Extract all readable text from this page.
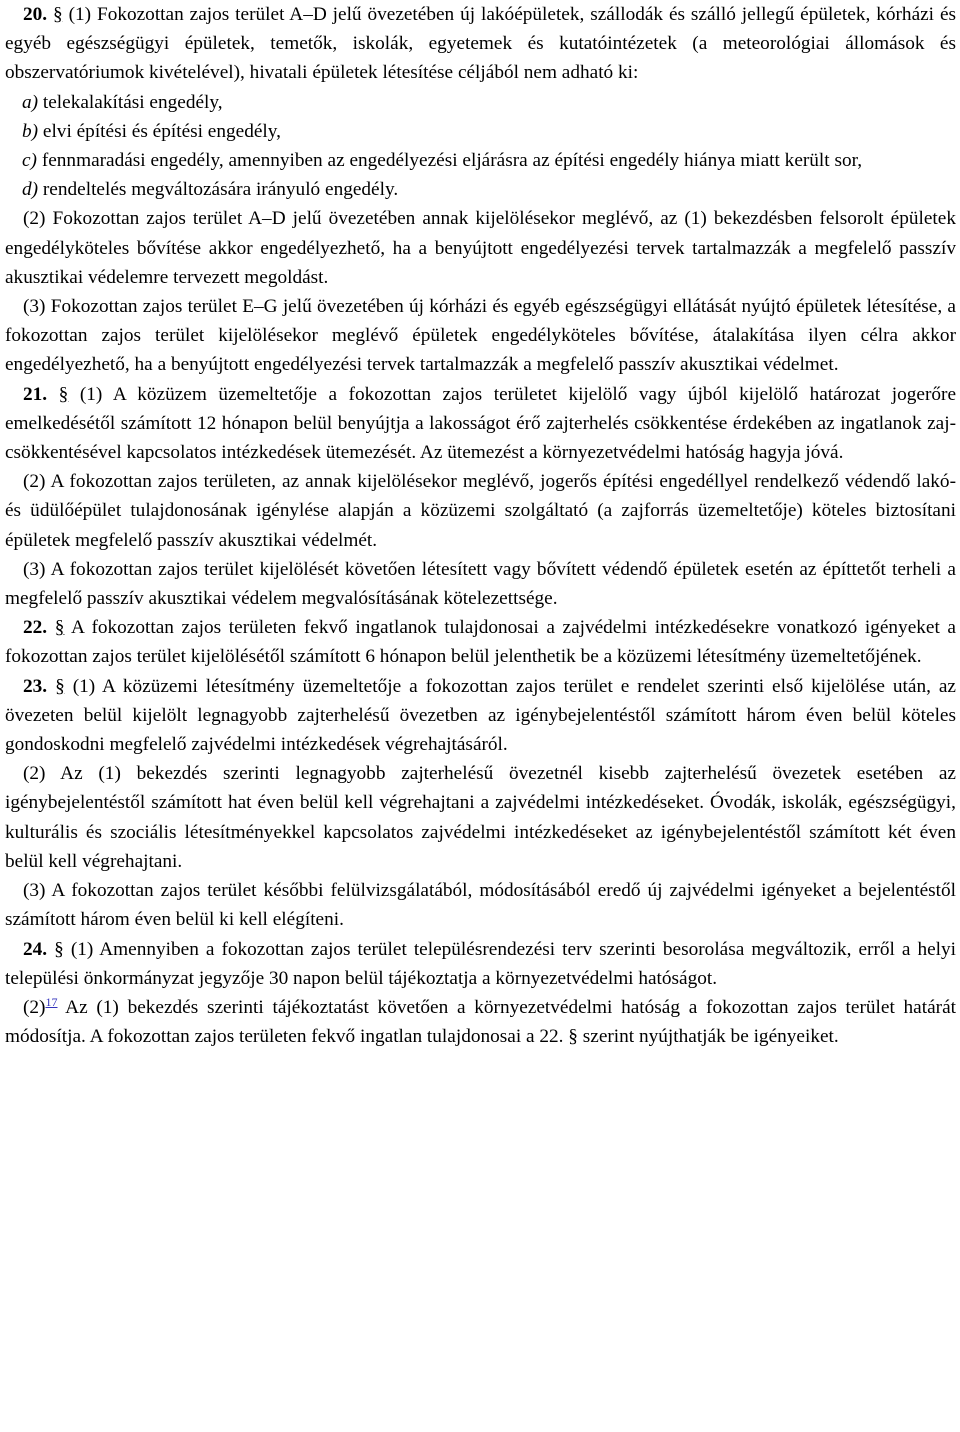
20. § (1) Fokozottan zajos terület A–D jelű övezetében új lakóépületek, szállodák és szálló jellegű épületek, kórházi és egyéb egészségügyi épületek, temetők, iskolák, egyetemek és kutatóintézetek (a meteorológiai állomások és obszervatóriumok kivételével), hivatali épületek létesítése céljából nem adható ki:

a) telekalakítási engedély,

b) elvi építési és építési engedély,

c) fennmaradási engedély, amennyiben az engedélyezési eljárásra az építési engedély hiánya miatt került sor,

d) rendeltelés megváltozására irányuló engedély.

(2) Fokozottan zajos terület A–D jelű övezetében annak kijelölésekor meglévő, az (1) bekezdésben felsorolt épületek engedélyköteles bővítése akkor engedélyezhető, ha a benyújtott engedélyezési tervek tartalmazzák a megfelelő passzív akusztikai védelemre tervezett megoldást.

(3) Fokozottan zajos terület E–G jelű övezetében új kórházi és egyéb egészségügyi ellátását nyújtó épületek létesítése, a fokozottan zajos terület kijelölésekor meglévő épületek engedélyköteles bővítése, átalakítása ilyen célra akkor engedélyezhető, ha a benyújtott engedélyezési tervek tartalmazzák a megfelelő passzív akusztikai védelmet.

21. § (1) A közüzem üzemeltetője a fokozottan zajos területet kijelölő vagy újból kijelölő határozat jogerőre emelkedésétől számított 12 hónapon belül benyújtja a lakosságot érő zajterhelés csökkentése érdekében az ingatlanok zaj- csökkentésével kapcsolatos intézkedések ütemezését. Az ütemezést a környezetvédelmi hatóság hagyja jóvá.

(2) A fokozottan zajos területen, az annak kijelölésekor meglévő, jogerős építési engedéllyel rendelkező védendő lakó- és üdülőépület tulajdonosának igénylése alapján a közüzemi szolgáltató (a zajforrás üzemeltetője) köteles biztosítani épületek megfelelő passzív akusztikai védelmét.

(3) A fokozottan zajos terület kijelölését követően létesített vagy bővített védendő épületek esetén az építtetőt terheli a megfelelő passzív akusztikai védelem megvalósításának kötelezettsége.

22. § A fokozottan zajos területen fekvő ingatlanok tulajdonosai a zajvédelmi intézkedésekre vonatkozó igényeket a fokozottan zajos terület kijelölésétől számított 6 hónapon belül jelenthetik be a közüzemi létesítmény üzemeltetőjének.

23. § (1) A közüzemi létesítmény üzemeltetője a fokozottan zajos terület e rendelet szerinti első kijelölése után, az övezeten belül kijelölt legnagyobb zajterhelésű övezetben az igénybejelentéstől számított három éven belül köteles gondoskodni megfelelő zajvédelmi intézkedések végrehajtásáról.

(2) Az (1) bekezdés szerinti legnagyobb zajterhelésű övezetnél kisebb zajterhelésű övezetek esetében az igénybejelentéstől számított hat éven belül kell végrehajtani a zajvédelmi intézkedéseket. Óvodák, iskolák, egészségügyi, kulturális és szociális létesítményekkel kapcsolatos zajvédelmi intézkedéseket az igénybejelentéstől számított két éven belül kell végrehajtani.

(3) A fokozottan zajos terület későbbi felülvizsgálatából, módosításából eredő új zajvédelmi igényeket a bejelentéstől számított három éven belül ki kell elégíteni.

24. § (1) Amennyiben a fokozottan zajos terület településrendezési terv szerinti besorolása megváltozik, erről a helyi települési önkormányzat jegyzője 30 napon belül tájékoztatja a környezetvédelmi hatóságot.

$(2)^{17}$ Az (1) bekezdés szerinti tájékoztatást követően a környezetvédelmi hatóság a fokozottan zajos terület határát módosítja. A fokozottan zajos területen fekvő ingatlan tulajdonosai a 22. § szerint nyújthatják be igényeiket.
